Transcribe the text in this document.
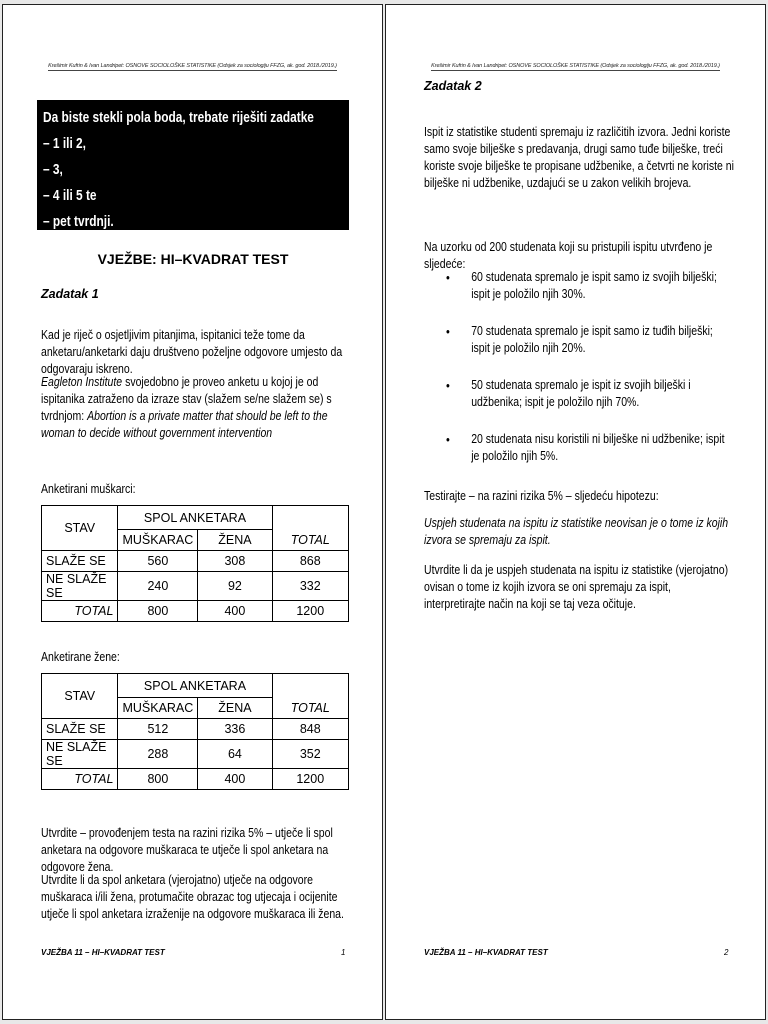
Krešimir Kufrin & Ivan Landripet: OSNOVE SOCIOLOŠKE STATISTIKE (Odsjek za sociologiju FFZG, ak. god. 2018./2019.)
Da biste stekli pola boda, trebate riješiti zadatke
– 1 ili 2,
– 3,
– 4 ili 5 te
– pet tvrdnji.
VJEŽBE: HI–KVADRAT TEST
Zadatak 1
Kad je riječ o osjetljivim pitanjima, ispitanici teže tome da anketaru/anketarki daju društveno poželjne odgovore umjesto da odgovaraju iskreno.
Eagleton Institute svojedobno je proveo anketu u kojoj je od ispitanika zatraženo da izraze stav (slažem se/ne slažem se) s tvrdnjom: Abortion is a private matter that should be left to the woman to decide without government intervention
Anketirani muškarci:
STAV	SPOL ANKETARA		
	MUŠKARAC	ŽENA	TOTAL
SLAŽE SE	560	308	868
NE SLAŽE SE	240	92	332
TOTAL	800	400	1200
Anketirane žene:
STAV	SPOL ANKETARA		
	MUŠKARAC	ŽENA	TOTAL
SLAŽE SE	512	336	848
NE SLAŽE SE	288	64	352
TOTAL	800	400	1200
Utvrdite – provođenjem testa na razini rizika 5% – utječe li spol anketara na odgovore muškaraca te utječe li spol anketara na odgovore žena.
Utvrdite li da spol anketara (vjerojatno) utječe na odgovore muškaraca i/ili žena, protumačite obrazac tog utjecaja i ocijenite utječe li spol anketara izraženije na odgovore muškaraca ili žena.
VJEŽBA 11 – HI–KVADRAT TEST	1
Krešimir Kufrin & Ivan Landripet: OSNOVE SOCIOLOŠKE STATISTIKE (Odsjek za sociologiju FFZG, ak. god. 2018./2019.)
Zadatak 2
Ispit iz statistike studenti spremaju iz različitih izvora. Jedni koriste samo svoje bilješke s predavanja, drugi samo tuđe bilješke, treći koriste svoje bilješke te propisane udžbenike, a četvrti ne koriste ni bilješke ni udžbenike, uzdajući se u zakon velikih brojeva.
Na uzorku od 200 studenata koji su pristupili ispitu utvrđeno je sljedeće:
• 60 studenata spremalo je ispit samo iz svojih bilješki; ispit je položilo njih 30%.
• 70 studenata spremalo je ispit samo iz tuđih bilješki; ispit je položilo njih 20%.
• 50 studenata spremalo je ispit iz svojih bilješki i udžbenika; ispit je položilo njih 70%.
• 20 studenata nisu koristili ni bilješke ni udžbenike; ispit je položilo njih 5%.
Testirajte – na razini rizika 5% – sljedeću hipotezu:
Uspjeh studenata na ispitu iz statistike neovisan je o tome iz kojih izvora se spremaju za ispit.
Utvrdite li da je uspjeh studenata na ispitu iz statistike (vjerojatno) ovisan o tome iz kojih izvora se oni spremaju za ispit, interpretirajte način na koji se taj veza očituje.
VJEŽBA 11 – HI–KVADRAT TEST	2
